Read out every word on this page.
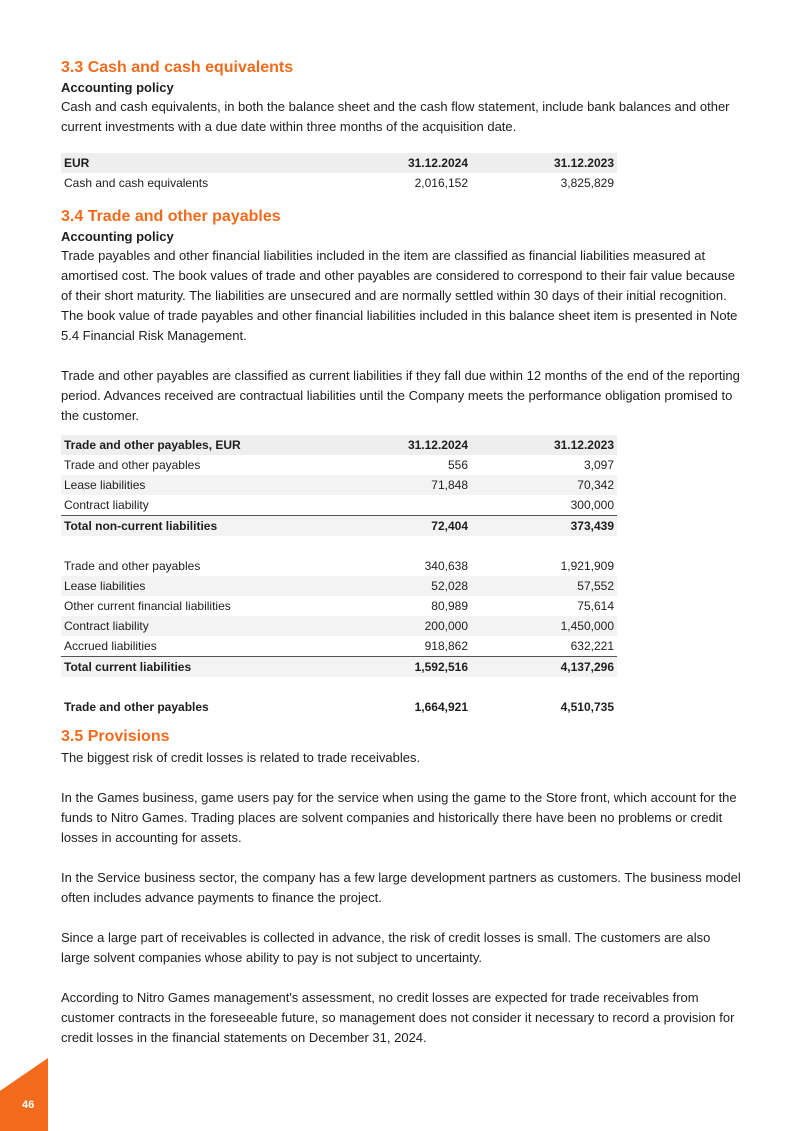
3.3 Cash and cash equivalents
Accounting policy

Cash and cash equivalents, in both the balance sheet and the cash flow statement, include bank balances and other current investments with a due date within three months of the acquisition date.

EUR	31.12.2024	31.12.2023
Cash and cash equivalents	2,016,152	3,825,829
3.4 Trade and other payables
Accounting policy

Trade payables and other financial liabilities included in the item are classified as financial liabilities measured at amortised cost. The book values of trade and other payables are considered to correspond to their fair value because of their short maturity. The liabilities are unsecured and are normally settled within 30 days of their initial recognition. The book value of trade payables and other financial liabilities included in this balance sheet item is presented in Note 5.4 Financial Risk Management.

Trade and other payables are classified as current liabilities if they fall due within 12 months of the end of the reporting period. Advances received are contractual liabilities until the Company meets the performance obligation promised to the customer.

Trade and other payables, EUR	31.12.2024	31.12.2023
Trade and other payables	556	3,097
Lease liabilities	71,848	70,342
Contract liability		300,000
Total non-current liabilities	72,404	373,439

Trade and other payables	340,638	1,921,909
Lease liabilities	52,028	57,552
Other current financial liabilities	80,989	75,614
Contract liability	200,000	1,450,000
Accrued liabilities	918,862	632,221
Total current liabilities	1,592,516	4,137,296

Trade and other payables	1,664,921	4,510,735
3.5 Provisions

The biggest risk of credit losses is related to trade receivables.

In the Games business, game users pay for the service when using the game to the Store front, which account for the funds to Nitro Games. Trading places are solvent companies and historically there have been no problems or credit losses in accounting for assets.

In the Service business sector, the company has a few large development partners as customers. The business model often includes advance payments to finance the project.

Since a large part of receivables is collected in advance, the risk of credit losses is small. The customers are also large solvent companies whose ability to pay is not subject to uncertainty.

According to Nitro Games management's assessment, no credit losses are expected for trade receivables from customer contracts in the foreseeable future, so management does not consider it necessary to record a provision for credit losses in the financial statements on December 31, 2024.

46
